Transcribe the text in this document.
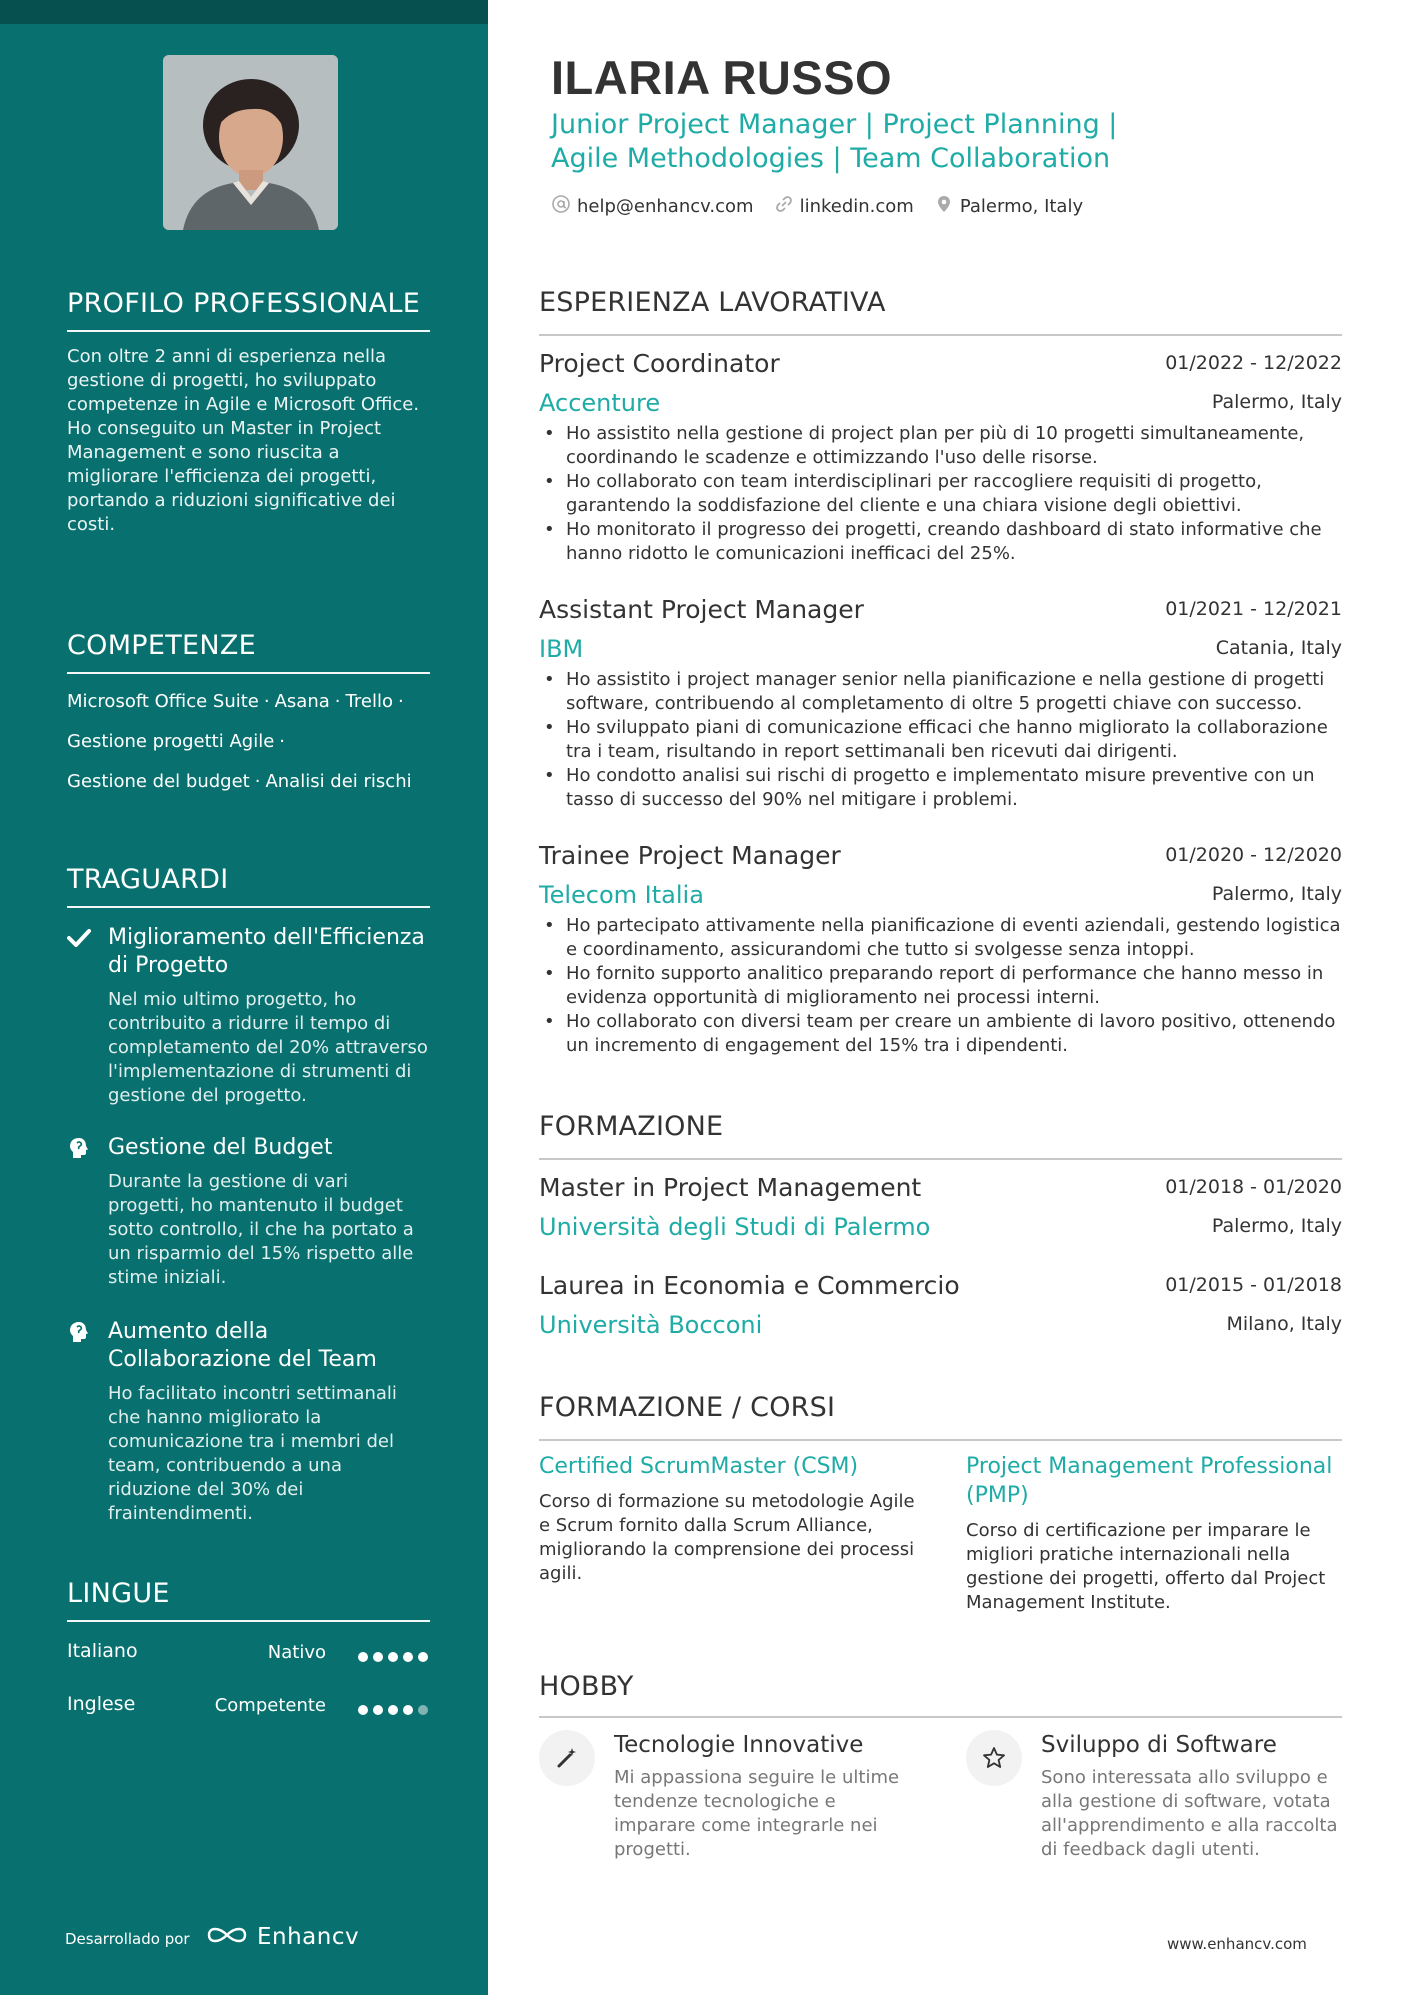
PROFILO PROFESSIONALE
Con oltre 2 anni di esperienza nella gestione di progetti, ho sviluppato competenze in Agile e Microsoft Office. Ho conseguito un Master in Project Management e sono riuscita a migliorare l'efficienza dei progetti, portando a riduzioni significative dei costi.
COMPETENZE
Microsoft Office Suite · Asana · Trello ·
Gestione progetti Agile ·
Gestione del budget · Analisi dei rischi
TRAGUARDI
Miglioramento dell'Efficienza di Progetto
Nel mio ultimo progetto, ho contribuito a ridurre il tempo di completamento del 20% attraverso l'implementazione di strumenti di gestione del progetto.
Gestione del Budget
Durante la gestione di vari progetti, ho mantenuto il budget sotto controllo, il che ha portato a un risparmio del 15% rispetto alle stime iniziali.
Aumento della Collaborazione del Team
Ho facilitato incontri settimanali che hanno migliorato la comunicazione tra i membri del team, contribuendo a una riduzione del 30% dei fraintendimenti.
LINGUE
Italiano	Nativo
Inglese	Competente
Desarrollado por	Enhancv
ILARIA RUSSO
Junior Project Manager | Project Planning | Agile Methodologies | Team Collaboration
help@enhancv.com	linkedin.com	Palermo, Italy
ESPERIENZA LAVORATIVA
Project Coordinator	01/2022 - 12/2022
Accenture	Palermo, Italy
• Ho assistito nella gestione di project plan per più di 10 progetti simultaneamente, coordinando le scadenze e ottimizzando l'uso delle risorse.
• Ho collaborato con team interdisciplinari per raccogliere requisiti di progetto, garantendo la soddisfazione del cliente e una chiara visione degli obiettivi.
• Ho monitorato il progresso dei progetti, creando dashboard di stato informative che hanno ridotto le comunicazioni inefficaci del 25%.
Assistant Project Manager	01/2021 - 12/2021
IBM	Catania, Italy
• Ho assistito i project manager senior nella pianificazione e nella gestione di progetti software, contribuendo al completamento di oltre 5 progetti chiave con successo.
• Ho sviluppato piani di comunicazione efficaci che hanno migliorato la collaborazione tra i team, risultando in report settimanali ben ricevuti dai dirigenti.
• Ho condotto analisi sui rischi di progetto e implementato misure preventive con un tasso di successo del 90% nel mitigare i problemi.
Trainee Project Manager	01/2020 - 12/2020
Telecom Italia	Palermo, Italy
• Ho partecipato attivamente nella pianificazione di eventi aziendali, gestendo logistica e coordinamento, assicurandomi che tutto si svolgesse senza intoppi.
• Ho fornito supporto analitico preparando report di performance che hanno messo in evidenza opportunità di miglioramento nei processi interni.
• Ho collaborato con diversi team per creare un ambiente di lavoro positivo, ottenendo un incremento di engagement del 15% tra i dipendenti.
FORMAZIONE
Master in Project Management	01/2018 - 01/2020
Università degli Studi di Palermo	Palermo, Italy
Laurea in Economia e Commercio	01/2015 - 01/2018
Università Bocconi	Milano, Italy
FORMAZIONE / CORSI
Certified ScrumMaster (CSM)
Corso di formazione su metodologie Agile e Scrum fornito dalla Scrum Alliance, migliorando la comprensione dei processi agili.
Project Management Professional (PMP)
Corso di certificazione per imparare le migliori pratiche internazionali nella gestione dei progetti, offerto dal Project Management Institute.
HOBBY
Tecnologie Innovative
Mi appassiona seguire le ultime tendenze tecnologiche e imparare come integrarle nei progetti.
Sviluppo di Software
Sono interessata allo sviluppo e alla gestione di software, votata all'apprendimento e alla raccolta di feedback dagli utenti.
www.enhancv.com
